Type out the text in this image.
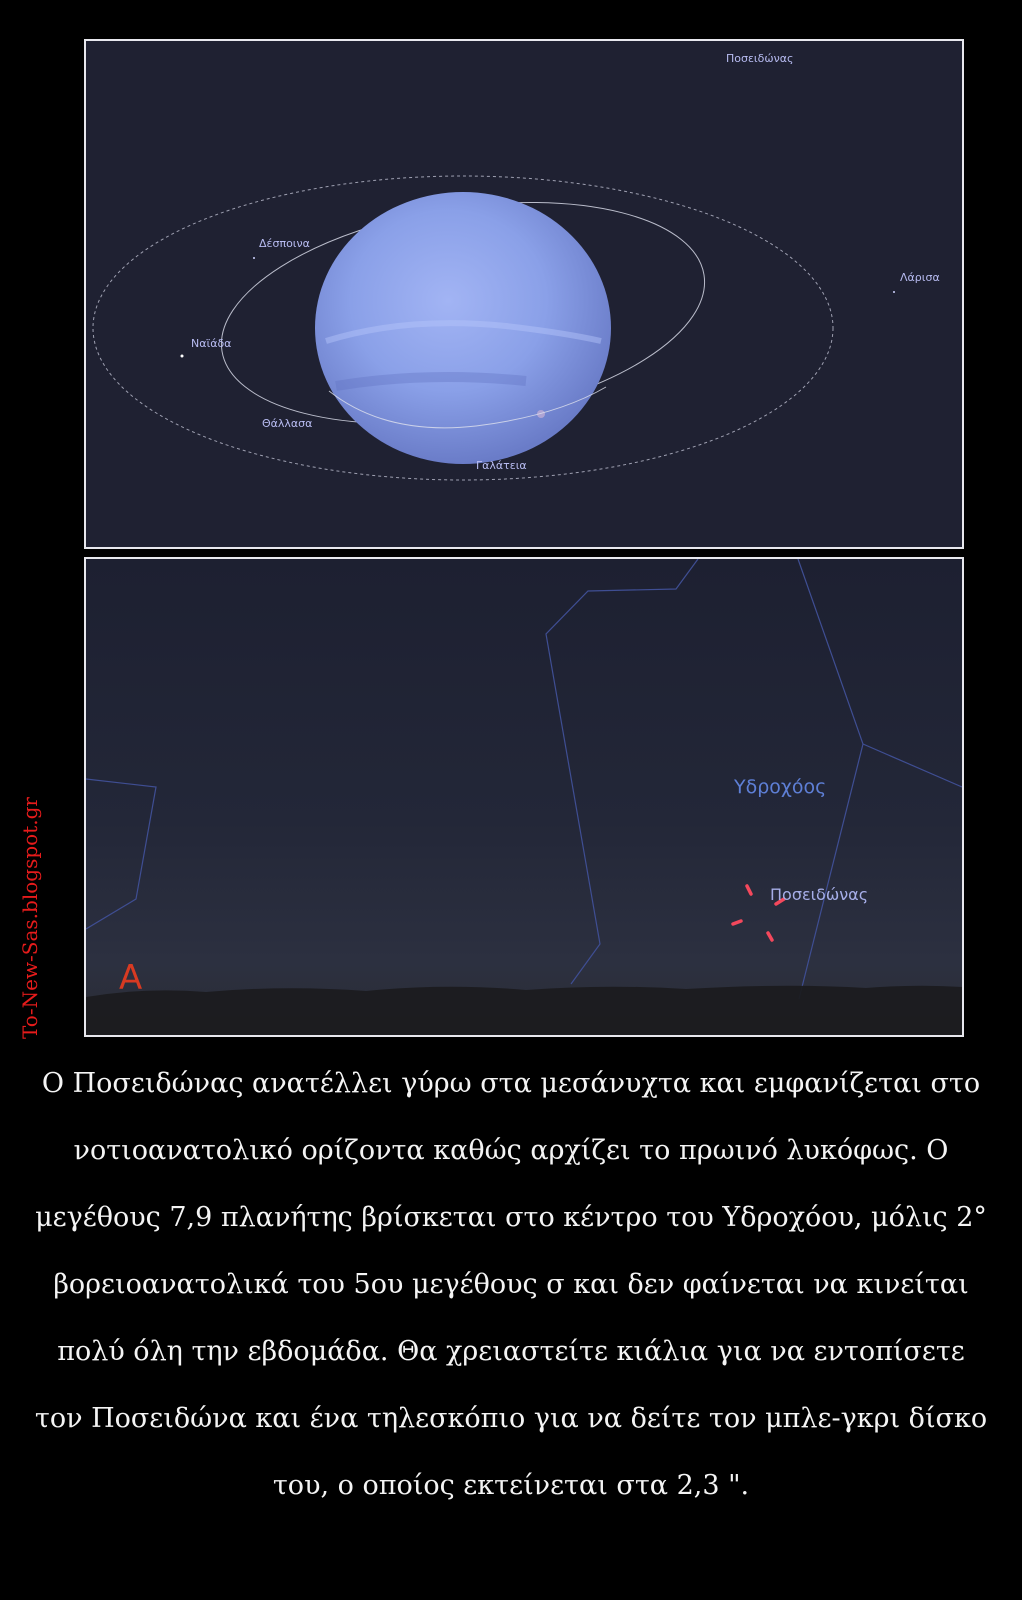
Ποσειδώνας
Δέσποινα
Λάρισα
Ναϊάδα
Θάλλασα
Γαλάτεια
Υδροχόος
Ποσειδώνας
A
To-New-Sas.blogspot.gr
Ο Ποσειδώνας ανατέλλει γύρω στα μεσάνυχτα και εμφανίζεται στο νοτιοανατολικό ορίζοντα καθώς αρχίζει το πρωινό λυκόφως. Ο μεγέθους 7,9 πλανήτης βρίσκεται στο κέντρο του Υδροχόου, μόλις 2° βορειοανατολικά του 5ου μεγέθους σ και δεν φαίνεται να κινείται πολύ όλη την εβδομάδα. Θα χρειαστείτε κιάλια για να εντοπίσετε τον Ποσειδώνα και ένα τηλεσκόπιο για να δείτε τον μπλε-γκρι δίσκο του, ο οποίος εκτείνεται στα 2,3 ".
